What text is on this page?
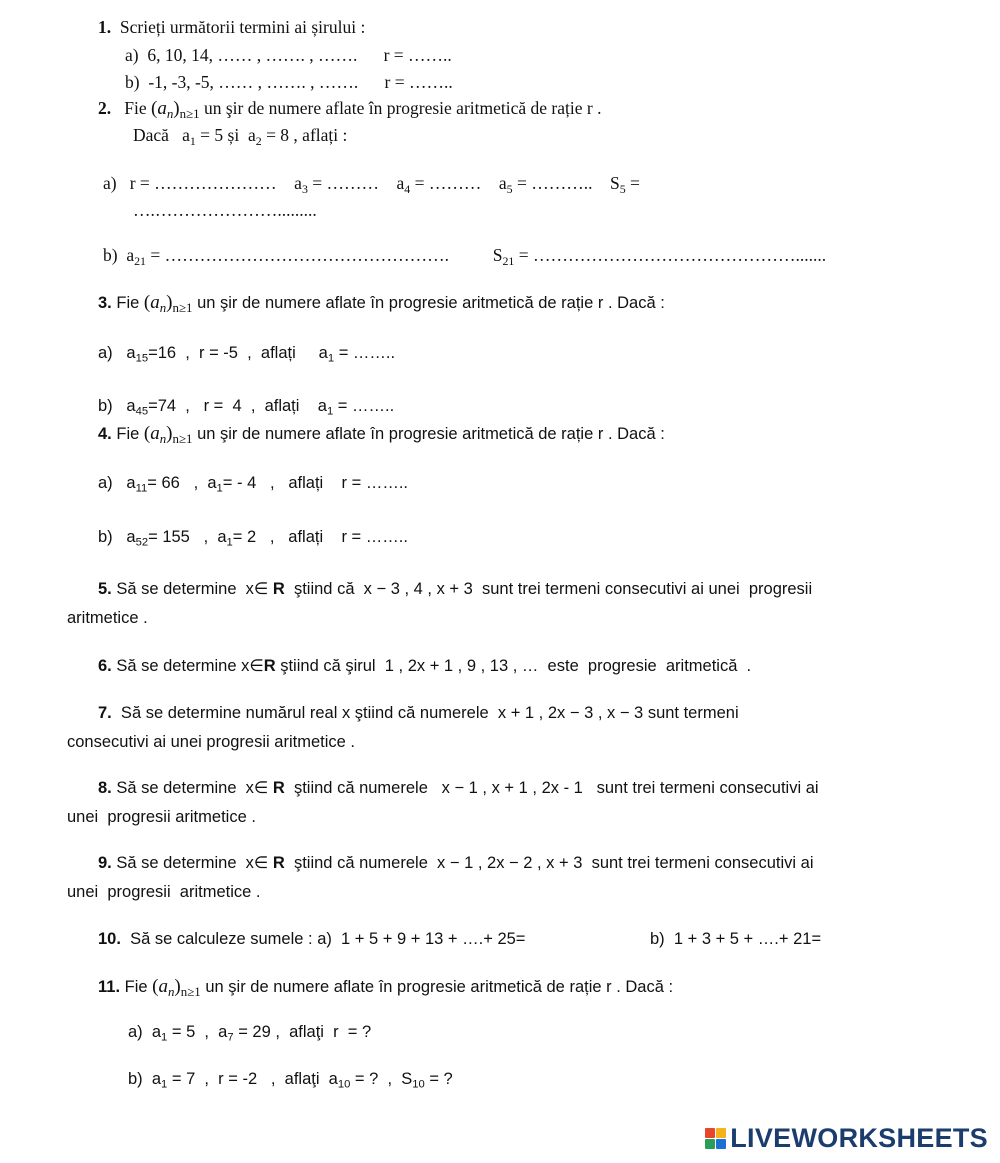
1. Scrieți următorii termini ai șirului :
a)  6, 10, 14, …… , ……. , …….      r = ……..
b)  -1, -3, -5, …… , ……. , …….      r = ……..
2. Fie $(a_n)_{n\ge 1}$ un şir de numere aflate în progresie aritmetică de rație r .
Dacă   $a_1 = 5$ și  $a_2 = 8$ , aflați :
a)   r = …………………    $a_3$ = ………    $a_4$ = ………    $a_5$ = ………..    $S_5$ =
….………………….........
b)  $a_{21}$ = ………………………………………….          $S_{21}$ = ……………………………………….......
3. Fie $(a_n)_{n\ge 1}$ un şir de numere aflate în progresie aritmetică de rație r . Dacă :
a)   $a_{15}=16$  ,  r = -5  ,  aflați     $a_1$ = ……..
b)   $a_{45}=74$  ,   r =  4  ,  aflați    $a_1$ = ……..
4. Fie $(a_n)_{n\ge 1}$ un şir de numere aflate în progresie aritmetică de rație r . Dacă :
a)   $a_{11}= 66$   ,  $a_1= - 4$   ,   aflați    r = ……..
b)   $a_{52}= 155$   ,  $a_1= 2$   ,   aflați    r = ……..
5. Să se determine  x∈ R  ştiind că  x − 3 , 4 , x + 3  sunt trei termeni consecutivi ai unei  progresii
aritmetice .
6. Să se determine x∈R ştiind că şirul  1 , 2x + 1 , 9 , 13 , …  este  progresie  aritmetică  .
7.  Să se determine numărul real x ştiind că numerele  x + 1 , 2x − 3 , x − 3 sunt termeni
consecutivi ai unei progresii aritmetice .
8. Să se determine  x∈ R  ştiind că numerele   x − 1 , x + 1 , 2x - 1   sunt trei termeni consecutivi ai
unei  progresii aritmetice .
9. Să se determine  x∈ R  ştiind că numerele  x − 1 , 2x − 2 , x + 3  sunt trei termeni consecutivi ai
unei  progresii  aritmetice .
10.  Să se calculeze sumele : a)  1 + 5 + 9 + 13 + ….+ 25=	b)  1 + 3 + 5 + ….+ 21=
11. Fie $(a_n)_{n\ge 1}$ un şir de numere aflate în progresie aritmetică de rație r . Dacă :
a)  $a_1 = 5$  ,  $a_7 = 29$ ,  aflaţi  r  = ?
b)  $a_1 = 7$  ,  r = -2   ,  aflaţi  $a_{10}$ = ?  ,  $S_{10}$ = ?
LIVEWORKSHEETS
